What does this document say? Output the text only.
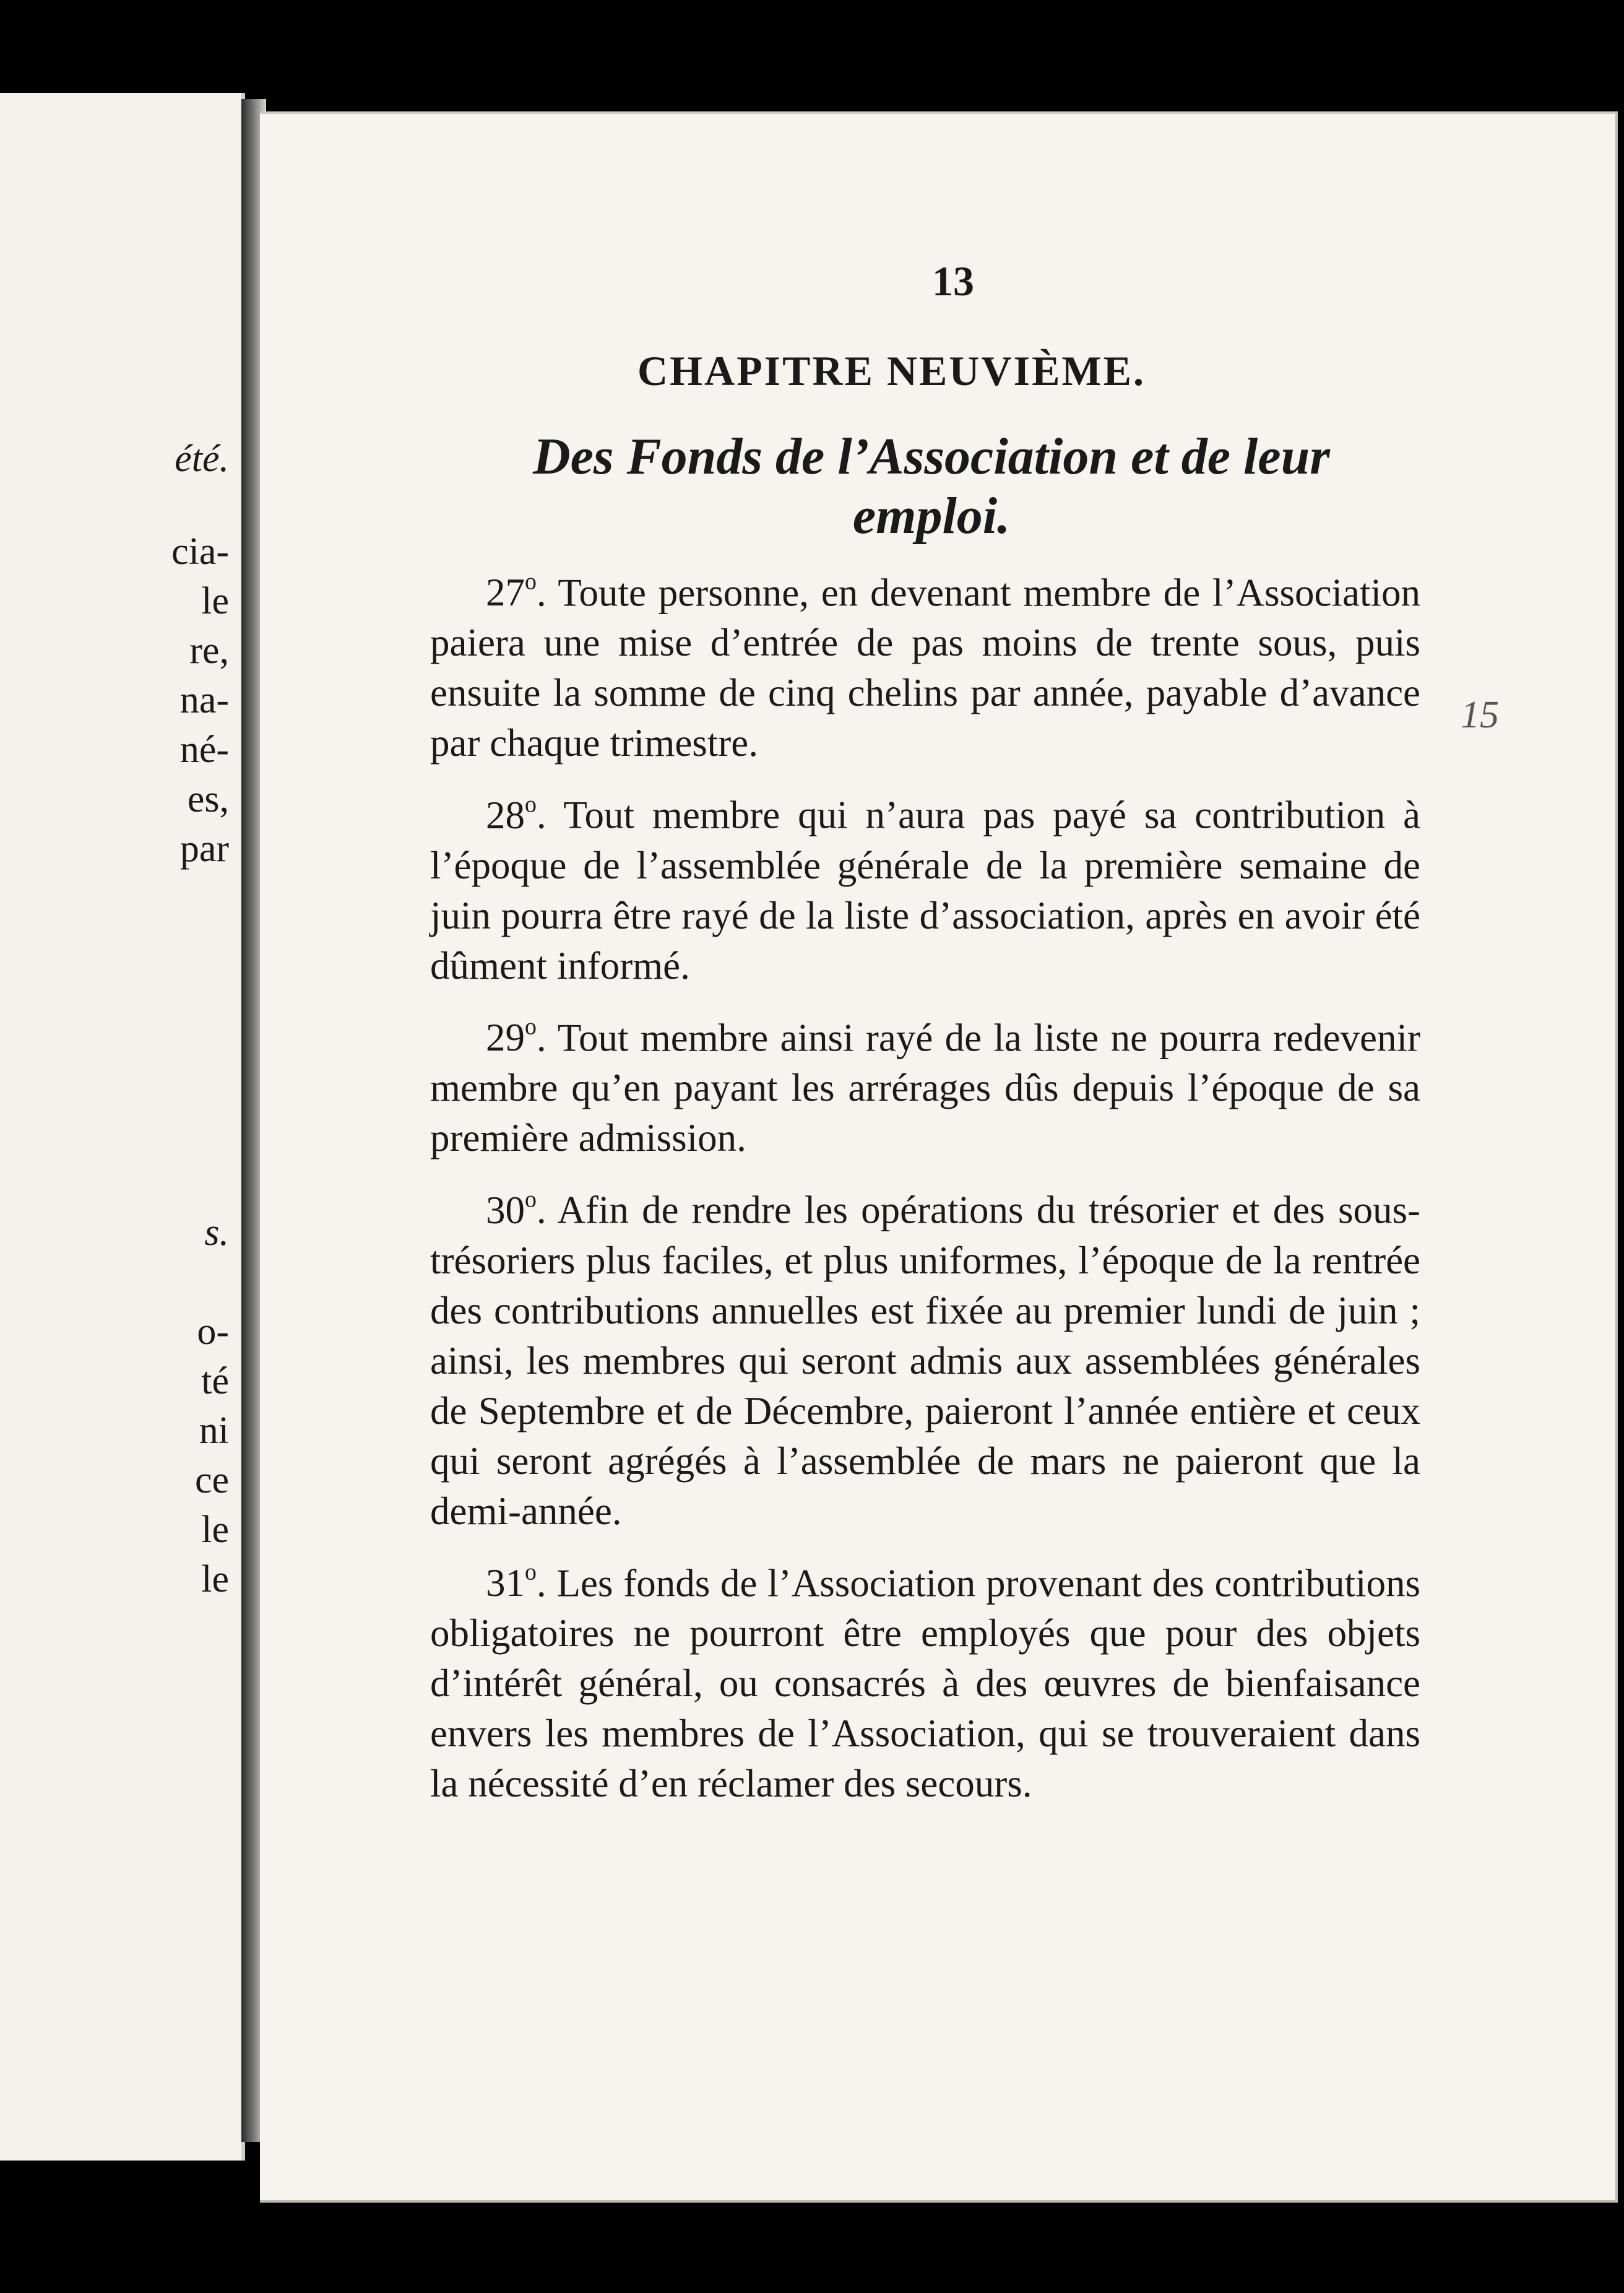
été.
cia-
le
re,
na-
né-
es,
par
s.
o-
té
ni
ce
le
le
13
CHAPITRE NEUVIÈME.
Des Fonds de l’Association et de leur emploi.
15

27$^o$. Toute personne, en devenant membre de l’Association paiera une mise d’entrée de pas moins de trente sous, puis ensuite la somme de cinq chelins par année, payable d’avance par chaque trimestre.

28$^o$. Tout membre qui n’aura pas payé sa contribution à l’époque de l’assemblée générale de la première semaine de juin pourra être rayé de la liste d’association, après en avoir été dûment informé.

29$^o$. Tout membre ainsi rayé de la liste ne pourra redevenir membre qu’en payant les arrérages dûs depuis l’époque de sa première admission.

30$^o$. Afin de rendre les opérations du trésorier et des sous-trésoriers plus faciles, et plus uniformes, l’époque de la rentrée des contributions annuelles est fixée au premier lundi de juin ; ainsi, les membres qui seront admis aux assemblées générales de Septembre et de Décembre, paieront l’année entière et ceux qui seront agrégés à l’assemblée de mars ne paieront que la demi-année.

31$^o$. Les fonds de l’Association provenant des contributions obligatoires ne pourront être employés que pour des objets d’intérêt général, ou consacrés à des œuvres de bienfaisance envers les membres de l’Association, qui se trouveraient dans la nécessité d’en réclamer des secours.
